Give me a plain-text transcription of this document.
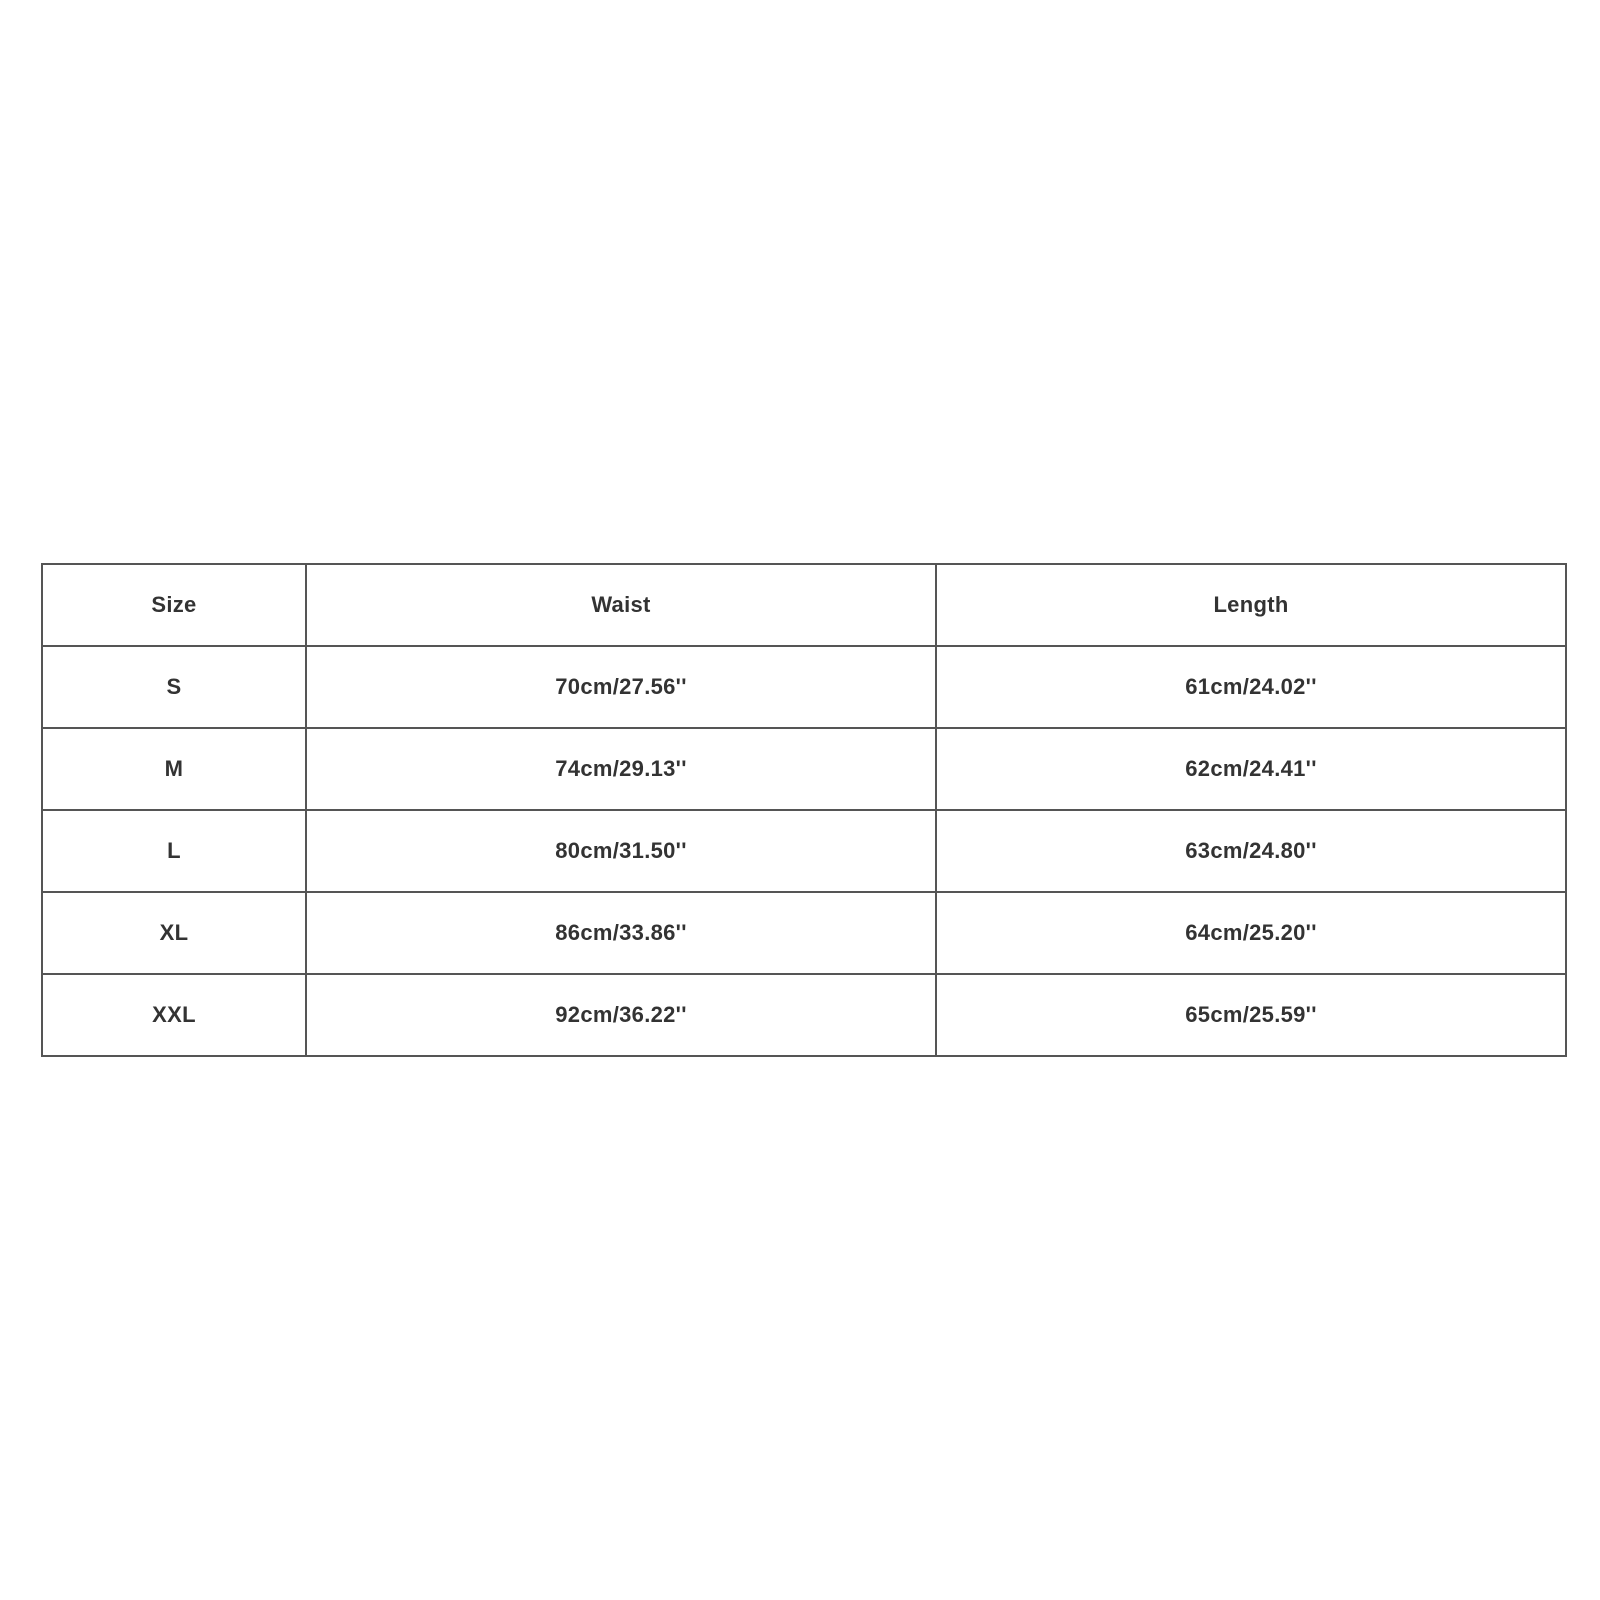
Size	Waist	Length
S	70cm/27.56''	61cm/24.02''
M	74cm/29.13''	62cm/24.41''
L	80cm/31.50''	63cm/24.80''
XL	86cm/33.86''	64cm/25.20''
XXL	92cm/36.22''	65cm/25.59''
